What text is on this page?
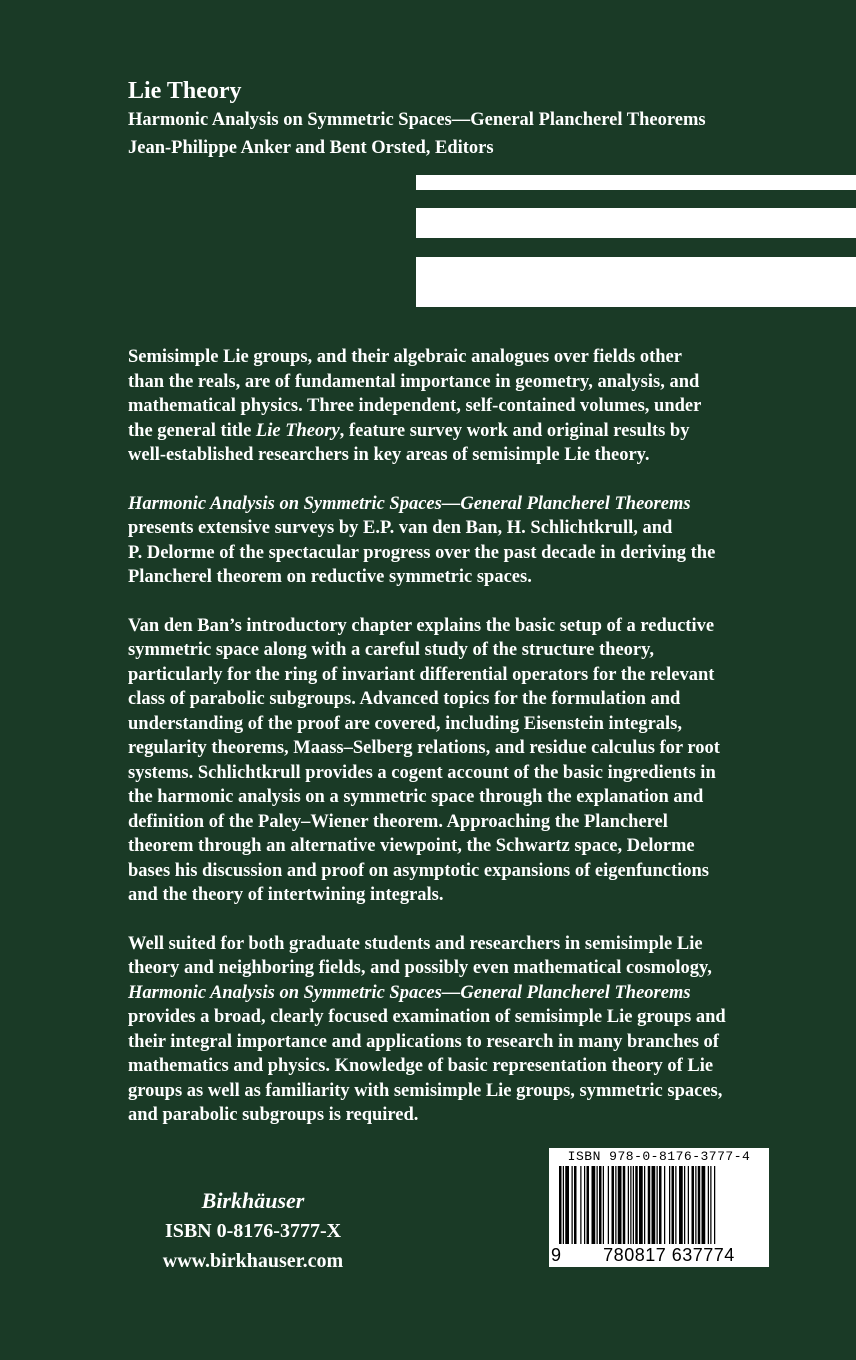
Lie Theory

Harmonic Analysis on Symmetric Spaces—General Plancherel Theorems

Jean-Philippe Anker and Bent Orsted, Editors

Semisimple Lie groups, and their algebraic analogues over fields other
than the reals, are of fundamental importance in geometry, analysis, and
mathematical physics. Three independent, self-contained volumes, under
the general title Lie Theory, feature survey work and original results by
well-established researchers in key areas of semisimple Lie theory.

Harmonic Analysis on Symmetric Spaces—General Plancherel Theorems
presents extensive surveys by E.P. van den Ban, H. Schlichtkrull, and
P. Delorme of the spectacular progress over the past decade in deriving the
Plancherel theorem on reductive symmetric spaces.

Van den Ban’s introductory chapter explains the basic setup of a reductive
symmetric space along with a careful study of the structure theory,
particularly for the ring of invariant differential operators for the relevant
class of parabolic subgroups. Advanced topics for the formulation and
understanding of the proof are covered, including Eisenstein integrals,
regularity theorems, Maass–Selberg relations, and residue calculus for root
systems. Schlichtkrull provides a cogent account of the basic ingredients in
the harmonic analysis on a symmetric space through the explanation and
definition of the Paley–Wiener theorem. Approaching the Plancherel
theorem through an alternative viewpoint, the Schwartz space, Delorme
bases his discussion and proof on asymptotic expansions of eigenfunctions
and the theory of intertwining integrals.

Well suited for both graduate students and researchers in semisimple Lie
theory and neighboring fields, and possibly even mathematical cosmology,
Harmonic Analysis on Symmetric Spaces—General Plancherel Theorems
provides a broad, clearly focused examination of semisimple Lie groups and
their integral importance and applications to research in many branches of
mathematics and physics. Knowledge of basic representation theory of Lie
groups as well as familiarity with semisimple Lie groups, symmetric spaces,
and parabolic subgroups is required.

Birkhäuser
ISBN 0-8176-3777-X
www.birkhauser.com
ISBN 978-0-8176-3777-4
9	780817 637774
